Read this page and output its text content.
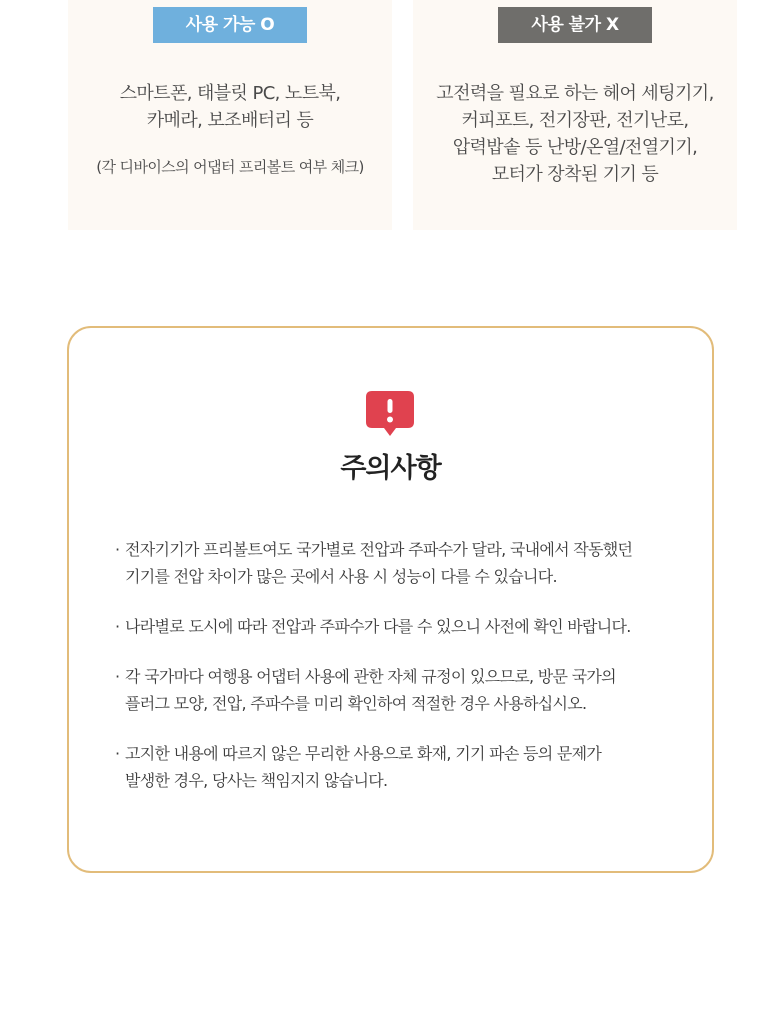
사용 가능 O
스마트폰, 태블릿 PC, 노트북,
카메라, 보조배터리 등
(각 디바이스의 어댑터 프리볼트 여부 체크)
사용 불가 X
고전력을 필요로 하는 헤어 세팅기기,
커피포트, 전기장판, 전기난로,
압력밥솥 등 난방/온열/전열기기,
모터가 장착된 기기 등
주의사항
· 전자기기가 프리볼트여도 국가별로 전압과 주파수가 달라, 국내에서 작동했던
기기를 전압 차이가 많은 곳에서 사용 시 성능이 다를 수 있습니다.
· 나라별로 도시에 따라 전압과 주파수가 다를 수 있으니 사전에 확인 바랍니다.
· 각 국가마다 여행용 어댑터 사용에 관한 자체 규정이 있으므로, 방문 국가의
플러그 모양, 전압, 주파수를 미리 확인하여 적절한 경우 사용하십시오.
· 고지한 내용에 따르지 않은 무리한 사용으로 화재, 기기 파손 등의 문제가
발생한 경우, 당사는 책임지지 않습니다.
